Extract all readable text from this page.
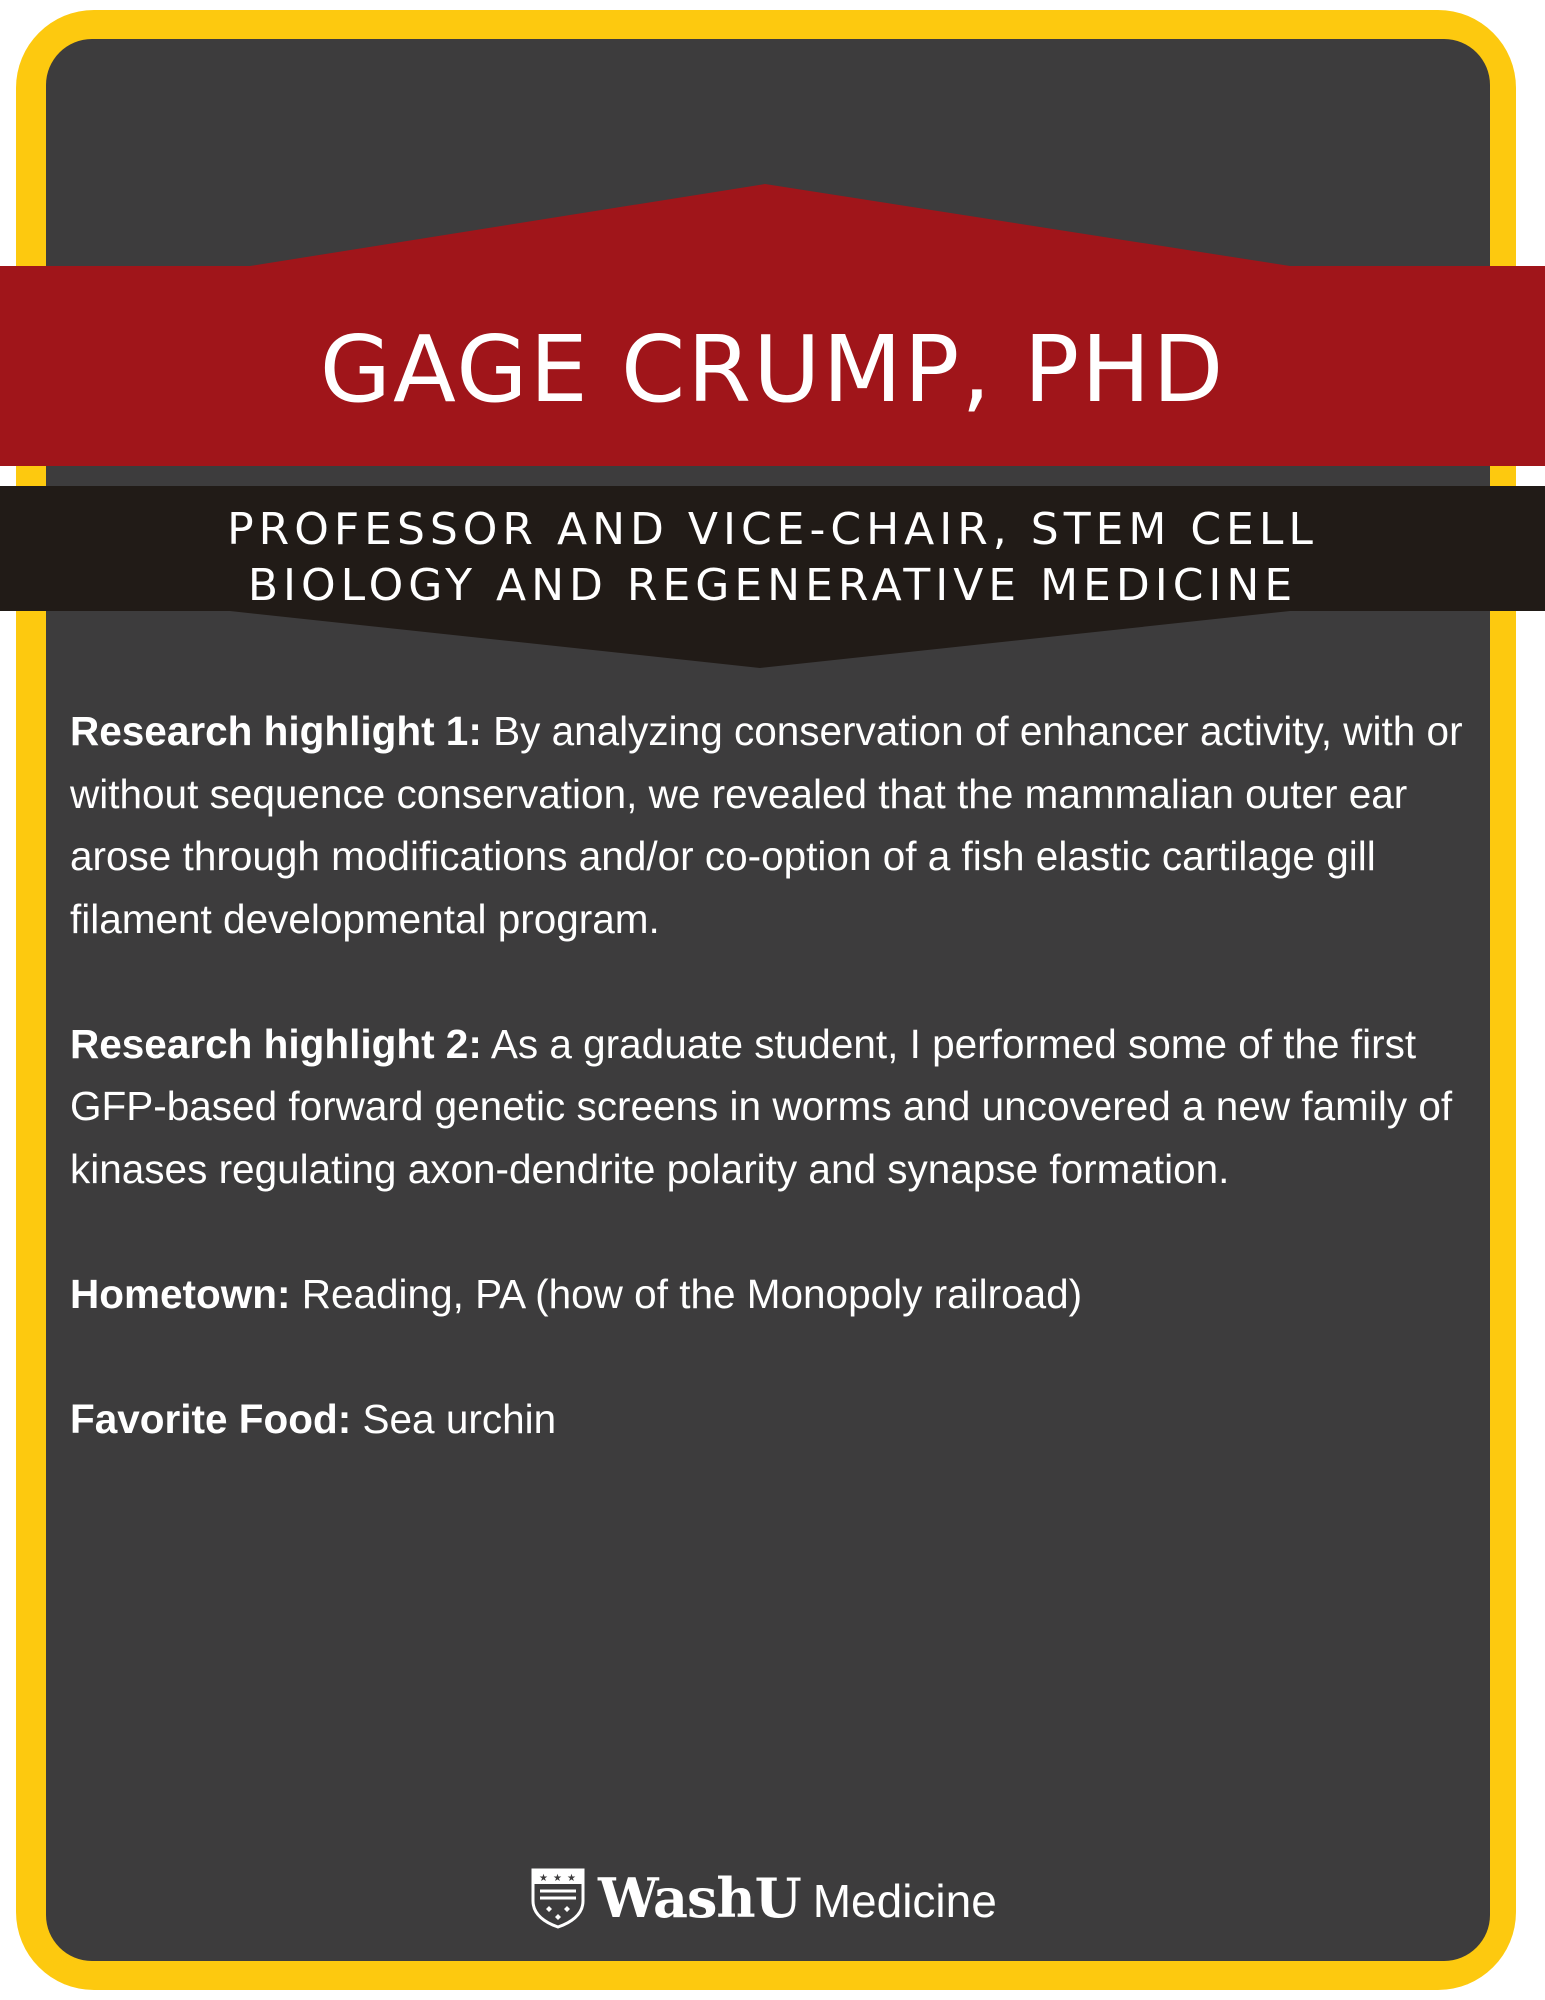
GAGE CRUMP, PHD
PROFESSOR AND VICE-CHAIR, STEM CELL
BIOLOGY AND REGENERATIVE MEDICINE

Research highlight 1: By analyzing conservation of enhancer activity, with or without sequence conservation, we revealed that the mammalian outer ear arose through modifications and/or co-option of a fish elastic cartilage gill filament developmental program.

Research highlight 2: As a graduate student, I performed some of the first GFP-based forward genetic screens in worms and uncovered a new family of kinases regulating axon-dendrite polarity and synapse formation.

Hometown: Reading, PA (how of the Monopoly railroad)

Favorite Food: Sea urchin

★ ★ ★ WashU Medicine
